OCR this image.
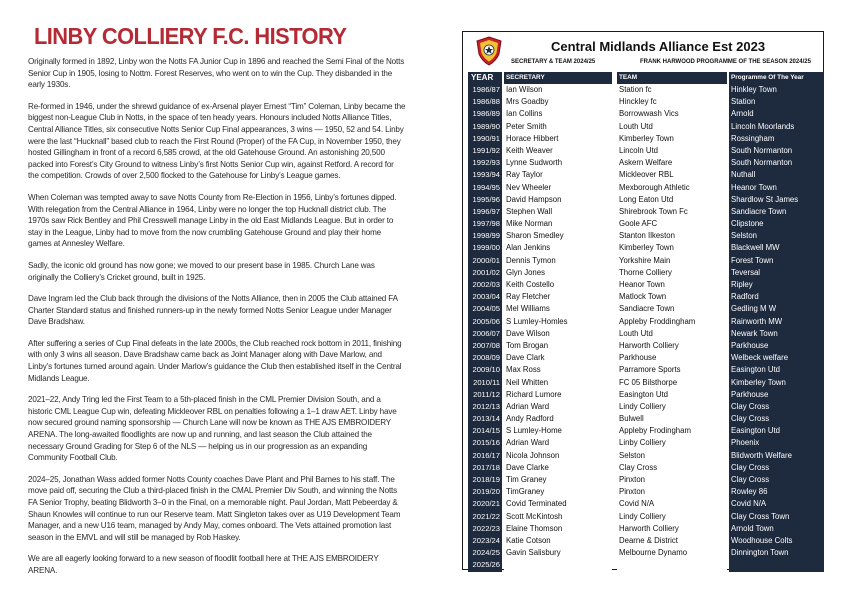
LINBY COLLIERY F.C. HISTORY

Originally formed in 1892, Linby won the Notts FA Junior Cup in 1896 and reached the Semi Final of the Notts Senior Cup in 1905, losing to Nottm. Forest Reserves, who went on to win the Cup. They disbanded in the early 1930s.

Re-formed in 1946, under the shrewd guidance of ex-Arsenal player Ernest “Tim” Coleman, Linby became the biggest non-League Club in Notts, in the space of ten heady years. Honours included Notts Alliance Titles, Central Alliance Titles, six consecutive Notts Senior Cup Final appearances, 3 wins — 1950, 52 and 54. Linby were the last “Hucknall” based club to reach the First Round (Proper) of the FA Cup, in November 1950, they hosted Gillingham in front of a record 6,585 crowd, at the old Gatehouse Ground. An astonishing 20,500 packed into Forest’s City Ground to witness Linby’s first Notts Senior Cup win, against Retford. A record for the competition. Crowds of over 2,500 flocked to the Gatehouse for Linby’s League games.

When Coleman was tempted away to save Notts County from Re-Election in 1956, Linby’s fortunes dipped. With relegation from the Central Alliance in 1964, Linby were no longer the top Hucknall district club. The 1970s saw Rick Bentley and Phil Cresswell manage Linby in the old East Midlands League. But in order to stay in the League, Linby had to move from the now crumbling Gatehouse Ground and play their home games at Annesley Welfare.

Sadly, the iconic old ground has now gone; we moved to our present base in 1985. Church Lane was originally the Colliery’s Cricket ground, built in 1925.

Dave Ingram led the Club back through the divisions of the Notts Alliance, then in 2005 the Club attained FA Charter Standard status and finished runners-up in the newly formed Notts Senior League under Manager Dave Bradshaw.

After suffering a series of Cup Final defeats in the late 2000s, the Club reached rock bottom in 2011, finishing with only 3 wins all season. Dave Bradshaw came back as Joint Manager along with Dave Marlow, and Linby’s fortunes turned around again. Under Marlow’s guidance the Club then established itself in the Central Midlands League.

2021–22, Andy Tring led the First Team to a 5th-placed finish in the CML Premier Division South, and a historic CML League Cup win, defeating Mickleover RBL on penalties following a 1–1 draw AET. Linby have now secured ground naming sponsorship — Church Lane will now be known as THE AJS EMBROIDERY ARENA. The long-awaited floodlights are now up and running, and last season the Club attained the necessary Ground Grading for Step 6 of the NLS — helping us in our progression as an expanding Community Football Club.

2024–25, Jonathan Wass added former Notts County coaches Dave Plant and Phil Barnes to his staff. The move paid off, securing the Club a third-placed finish in the CMAL Premier Div South, and winning the Notts FA Senior Trophy, beating Blidworth 3–0 in the Final, on a memorable night. Paul Jordan, Matt Pebeerday & Shaun Knowles will continue to run our Reserve team. Matt Singleton takes over as U19 Development Team Manager, and a new U16 team, managed by Andy May, comes onboard. The Vets attained promotion last season in the EMVL and will still be managed by Rob Haskey.

We are all eagerly looking forward to a new season of floodlit football here at THE AJS EMBROIDERY ARENA.

Central Midlands Alliance Est 2023
SECRETARY & TEAM 2024/25	FRANK HARWOOD PROGRAMME OF THE SEASON 2024/25
YEAR	SECRETARY	TEAM	Programme Of The Year
1986/87 Ian Wilson	Station fc	Hinkley Town
1986/88 Mrs Goadby	Hinckley fc	Station
1986/89 Ian Collins	Borrowwash Vics	Arnold
1989/90 Peter Smith	Louth Utd	Lincoln Moorlands
1990/91 Horace Hibbert	Kimberley Town	Rossingham
1991/92 Keith Weaver	Lincoln Utd	South Normanton
1992/93 Lynne Sudworth	Askern Welfare	South Normanton
1993/94 Ray Taylor	Mickleover RBL	Nuthall
1994/95 Nev Wheeler	Mexborough Athletic	Heanor Town
1995/96 David Hampson	Long Eaton Utd	Shardlow St James
1996/97 Stephen Wall	Shirebrook Town Fc	Sandiacre Town
1997/98 Mike Norman	Goole AFC	Clipstone
1998/99 Sharon Smedley	Stanton Ilkeston	Selston
1999/00 Alan Jenkins	Kimberley Town	Blackwell MW
2000/01 Dennis Tymon	Yorkshire Main	Forest Town
2001/02 Glyn Jones	Thorne Colliery	Teversal
2002/03 Keith Costello	Heanor Town	Ripley
2003/04 Ray Fletcher	Matlock Town	Radford
2004/05 Mel Williams	Sandiacre Town	Gedling M W
2005/06 S Lumley-Homles	Appleby Froddingham	Rainworth MW
2006/07 Dave Wilson	Louth Utd	Newark Town
2007/08 Tom Brogan	Harworth Colliery	Parkhouse
2008/09 Dave Clark	Parkhouse	Welbeck welfare
2009/10 Max Ross	Parramore Sports	Easington Utd
2010/11 Neil Whitten	FC 05 Bilsthorpe	Kimberley Town
2011/12 Richard Lumore	Easington Utd	Parkhouse
2012/13 Adrian Ward	Lindy Colliery	Clay Cross
2013/14 Andy Radford	Bulwell	Clay Cross
2014/15 S Lumley-Home	Appleby Frodingham	Easington Utd
2015/16 Adrian Ward	Linby Colliery	Phoenix
2016/17 Nicola Johnson	Selston	Blidworth Welfare
2017/18 Dave Clarke	Clay Cross	Clay Cross
2018/19 Tim Graney	Pinxton	Clay Cross
2019/20 TimGraney	Pinxton	Rowley 86
2020/21 Covid Terminated	Covid N/A	Covid N/A
2021/22 Scott McKintosh	Lindy Colliery	Clay Cross Town
2022/23 Elaine Thomson	Harworth Colliery	Arnold Town
2023/24 Katie Cotson	Dearne & District	Woodhouse Colts
2024/25 Gavin Salisbury	Melbourne Dynamo	Dinnington Town
2025/26
